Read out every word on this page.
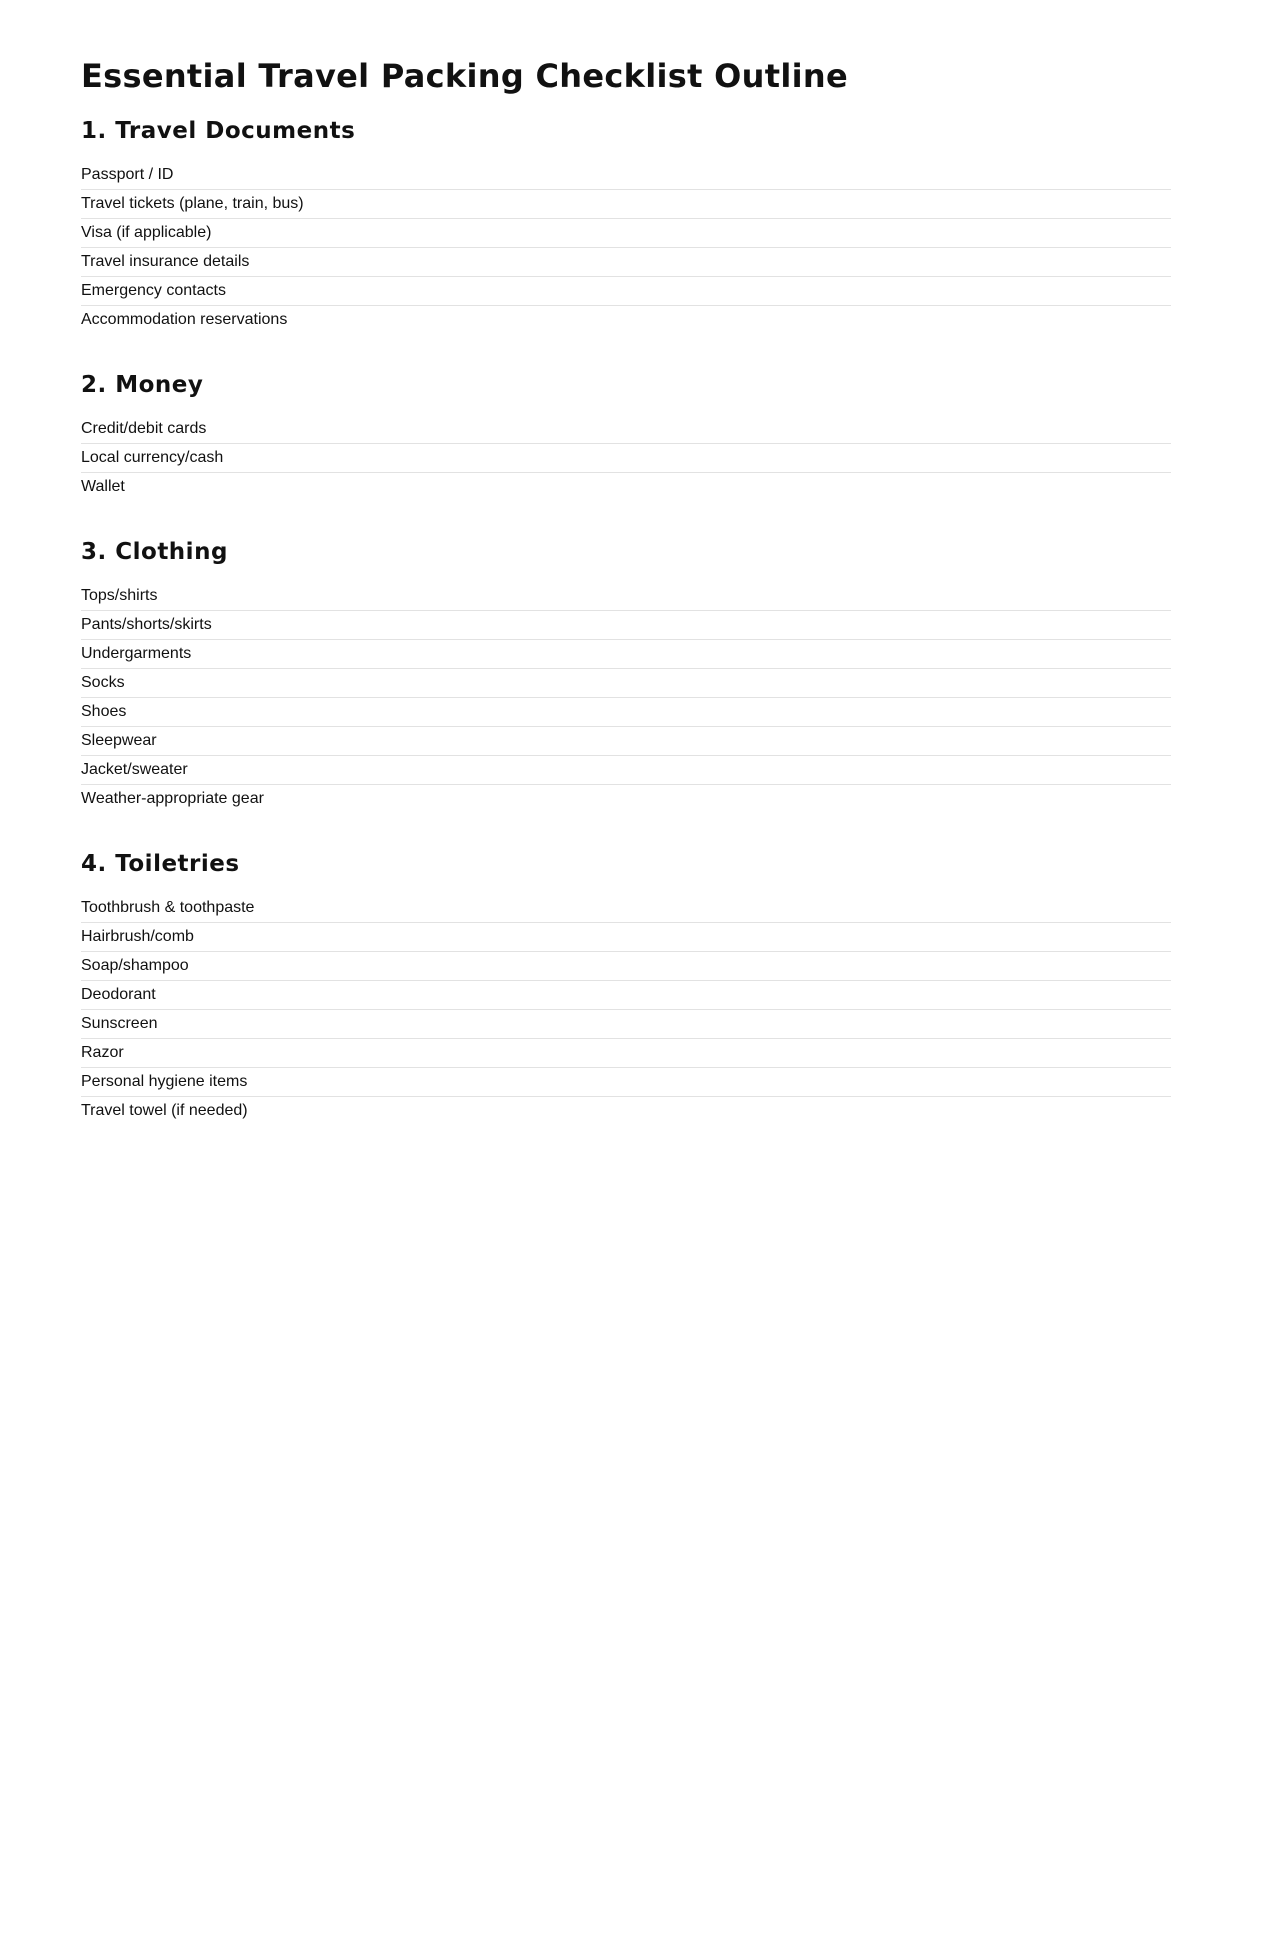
Essential Travel Packing Checklist Outline
1. Travel Documents
Passport / ID
Travel tickets (plane, train, bus)
Visa (if applicable)
Travel insurance details
Emergency contacts
Accommodation reservations
2. Money
Credit/debit cards
Local currency/cash
Wallet
3. Clothing
Tops/shirts
Pants/shorts/skirts
Undergarments
Socks
Shoes
Sleepwear
Jacket/sweater
Weather-appropriate gear
4. Toiletries
Toothbrush & toothpaste
Hairbrush/comb
Soap/shampoo
Deodorant
Sunscreen
Razor
Personal hygiene items
Travel towel (if needed)
